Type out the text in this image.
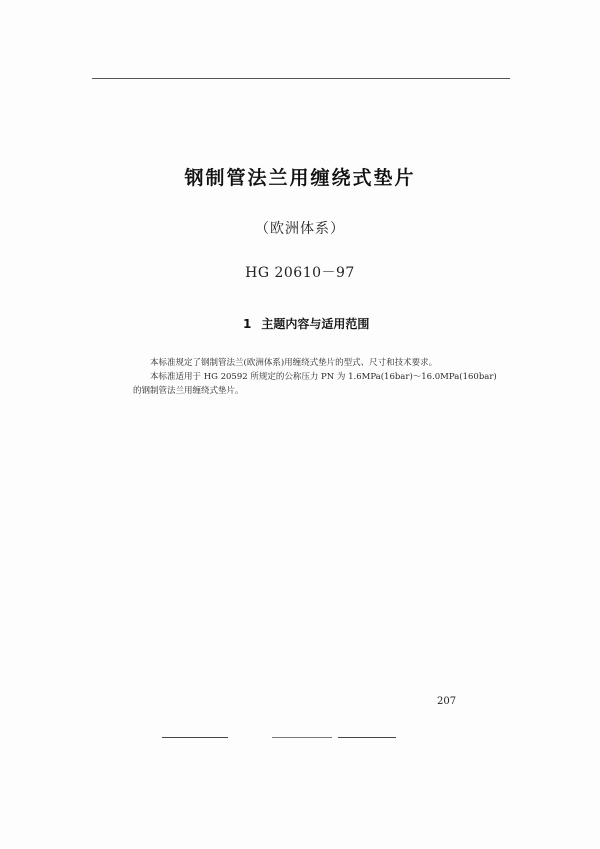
钢制管法兰用缠绕式垫片
（欧洲体系）
HG 20610－97
1 主题内容与适用范围
本标准规定了钢制管法兰(欧洲体系)用缠绕式垫片的型式、尺寸和技术要求。
本标准适用于 HG 20592 所规定的公称压力 PN 为 1.6MPa(16bar)～16.0MPa(160bar)
的钢制管法兰用缠绕式垫片。
207
